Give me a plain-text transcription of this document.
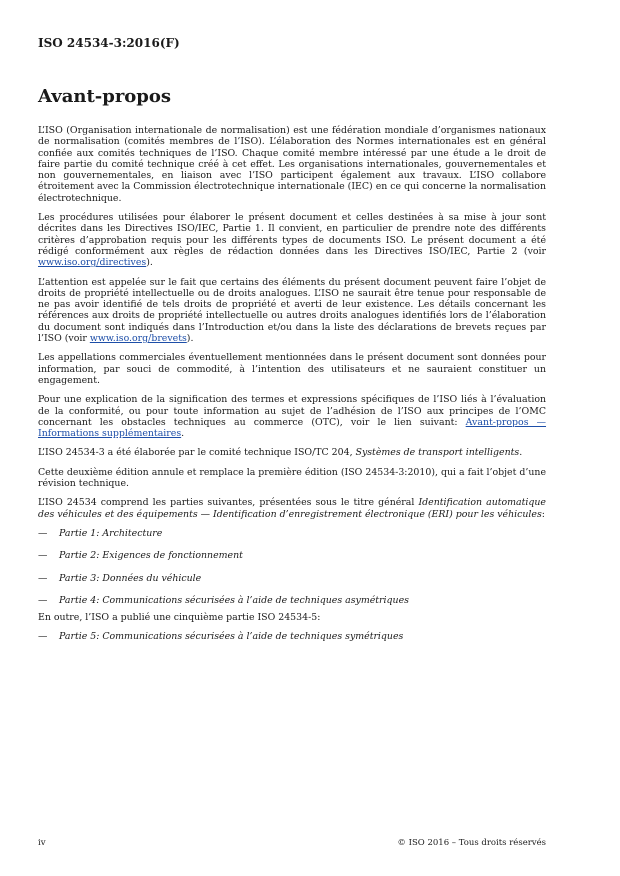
ISO 24534-3:2016(F)
Avant-propos

L’ISO (Organisation internationale de normalisation) est une fédération mondiale d’organismes nationaux de normalisation (comités membres de l’ISO). L’élaboration des Normes internationales est en général confiée aux comités techniques de l’ISO. Chaque comité membre intéressé par une étude a le droit de faire partie du comité technique créé à cet effet. Les organisations internationales, gouvernementales et non gouvernementales, en liaison avec l’ISO participent également aux travaux. L’ISO collabore étroitement avec la Commission électrotechnique internationale (IEC) en ce qui concerne la normalisation électrotechnique.

Les procédures utilisées pour élaborer le présent document et celles destinées à sa mise à jour sont décrites dans les Directives ISO/IEC, Partie 1. Il convient, en particulier de prendre note des différents critères d’approbation requis pour les différents types de documents ISO. Le présent document a été rédigé conformément aux règles de rédaction données dans les Directives ISO/IEC, Partie 2 (voir www.iso.org/directives).

L’attention est appelée sur le fait que certains des éléments du présent document peuvent faire l’objet de droits de propriété intellectuelle ou de droits analogues. L’ISO ne saurait être tenue pour responsable de ne pas avoir identifié de tels droits de propriété et averti de leur existence. Les détails concernant les références aux droits de propriété intellectuelle ou autres droits analogues identifiés lors de l’élaboration du document sont indiqués dans l’Introduction et/ou dans la liste des déclarations de brevets reçues par l’ISO (voir www.iso.org/brevets).

Les appellations commerciales éventuellement mentionnées dans le présent document sont données pour information, par souci de commodité, à l’intention des utilisateurs et ne sauraient constituer un engagement.

Pour une explication de la signification des termes et expressions spécifiques de l’ISO liés à l’évaluation de la conformité, ou pour toute information au sujet de l’adhésion de l’ISO aux principes de l’OMC concernant les obstacles techniques au commerce (OTC), voir le lien suivant: Avant-propos — Informations supplémentaires.

L’ISO 24534-3 a été élaborée par le comité technique ISO/TC 204, Systèmes de transport intelligents.

Cette deuxième édition annule et remplace la première édition (ISO 24534-3:2010), qui a fait l’objet d’une révision technique.

L’ISO 24534 comprend les parties suivantes, présentées sous le titre général Identification automatique des véhicules et des équipements — Identification d’enregistrement électronique (ERI) pour les véhicules:

—	Partie 1: Architecture
—	Partie 2: Exigences de fonctionnement
—	Partie 3: Données du véhicule
—	Partie 4: Communications sécurisées à l’aide de techniques asymétriques

En outre, l’ISO a publié une cinquième partie ISO 24534-5:

—	Partie 5: Communications sécurisées à l’aide de techniques symétriques
iv	© ISO 2016 – Tous droits réservés
